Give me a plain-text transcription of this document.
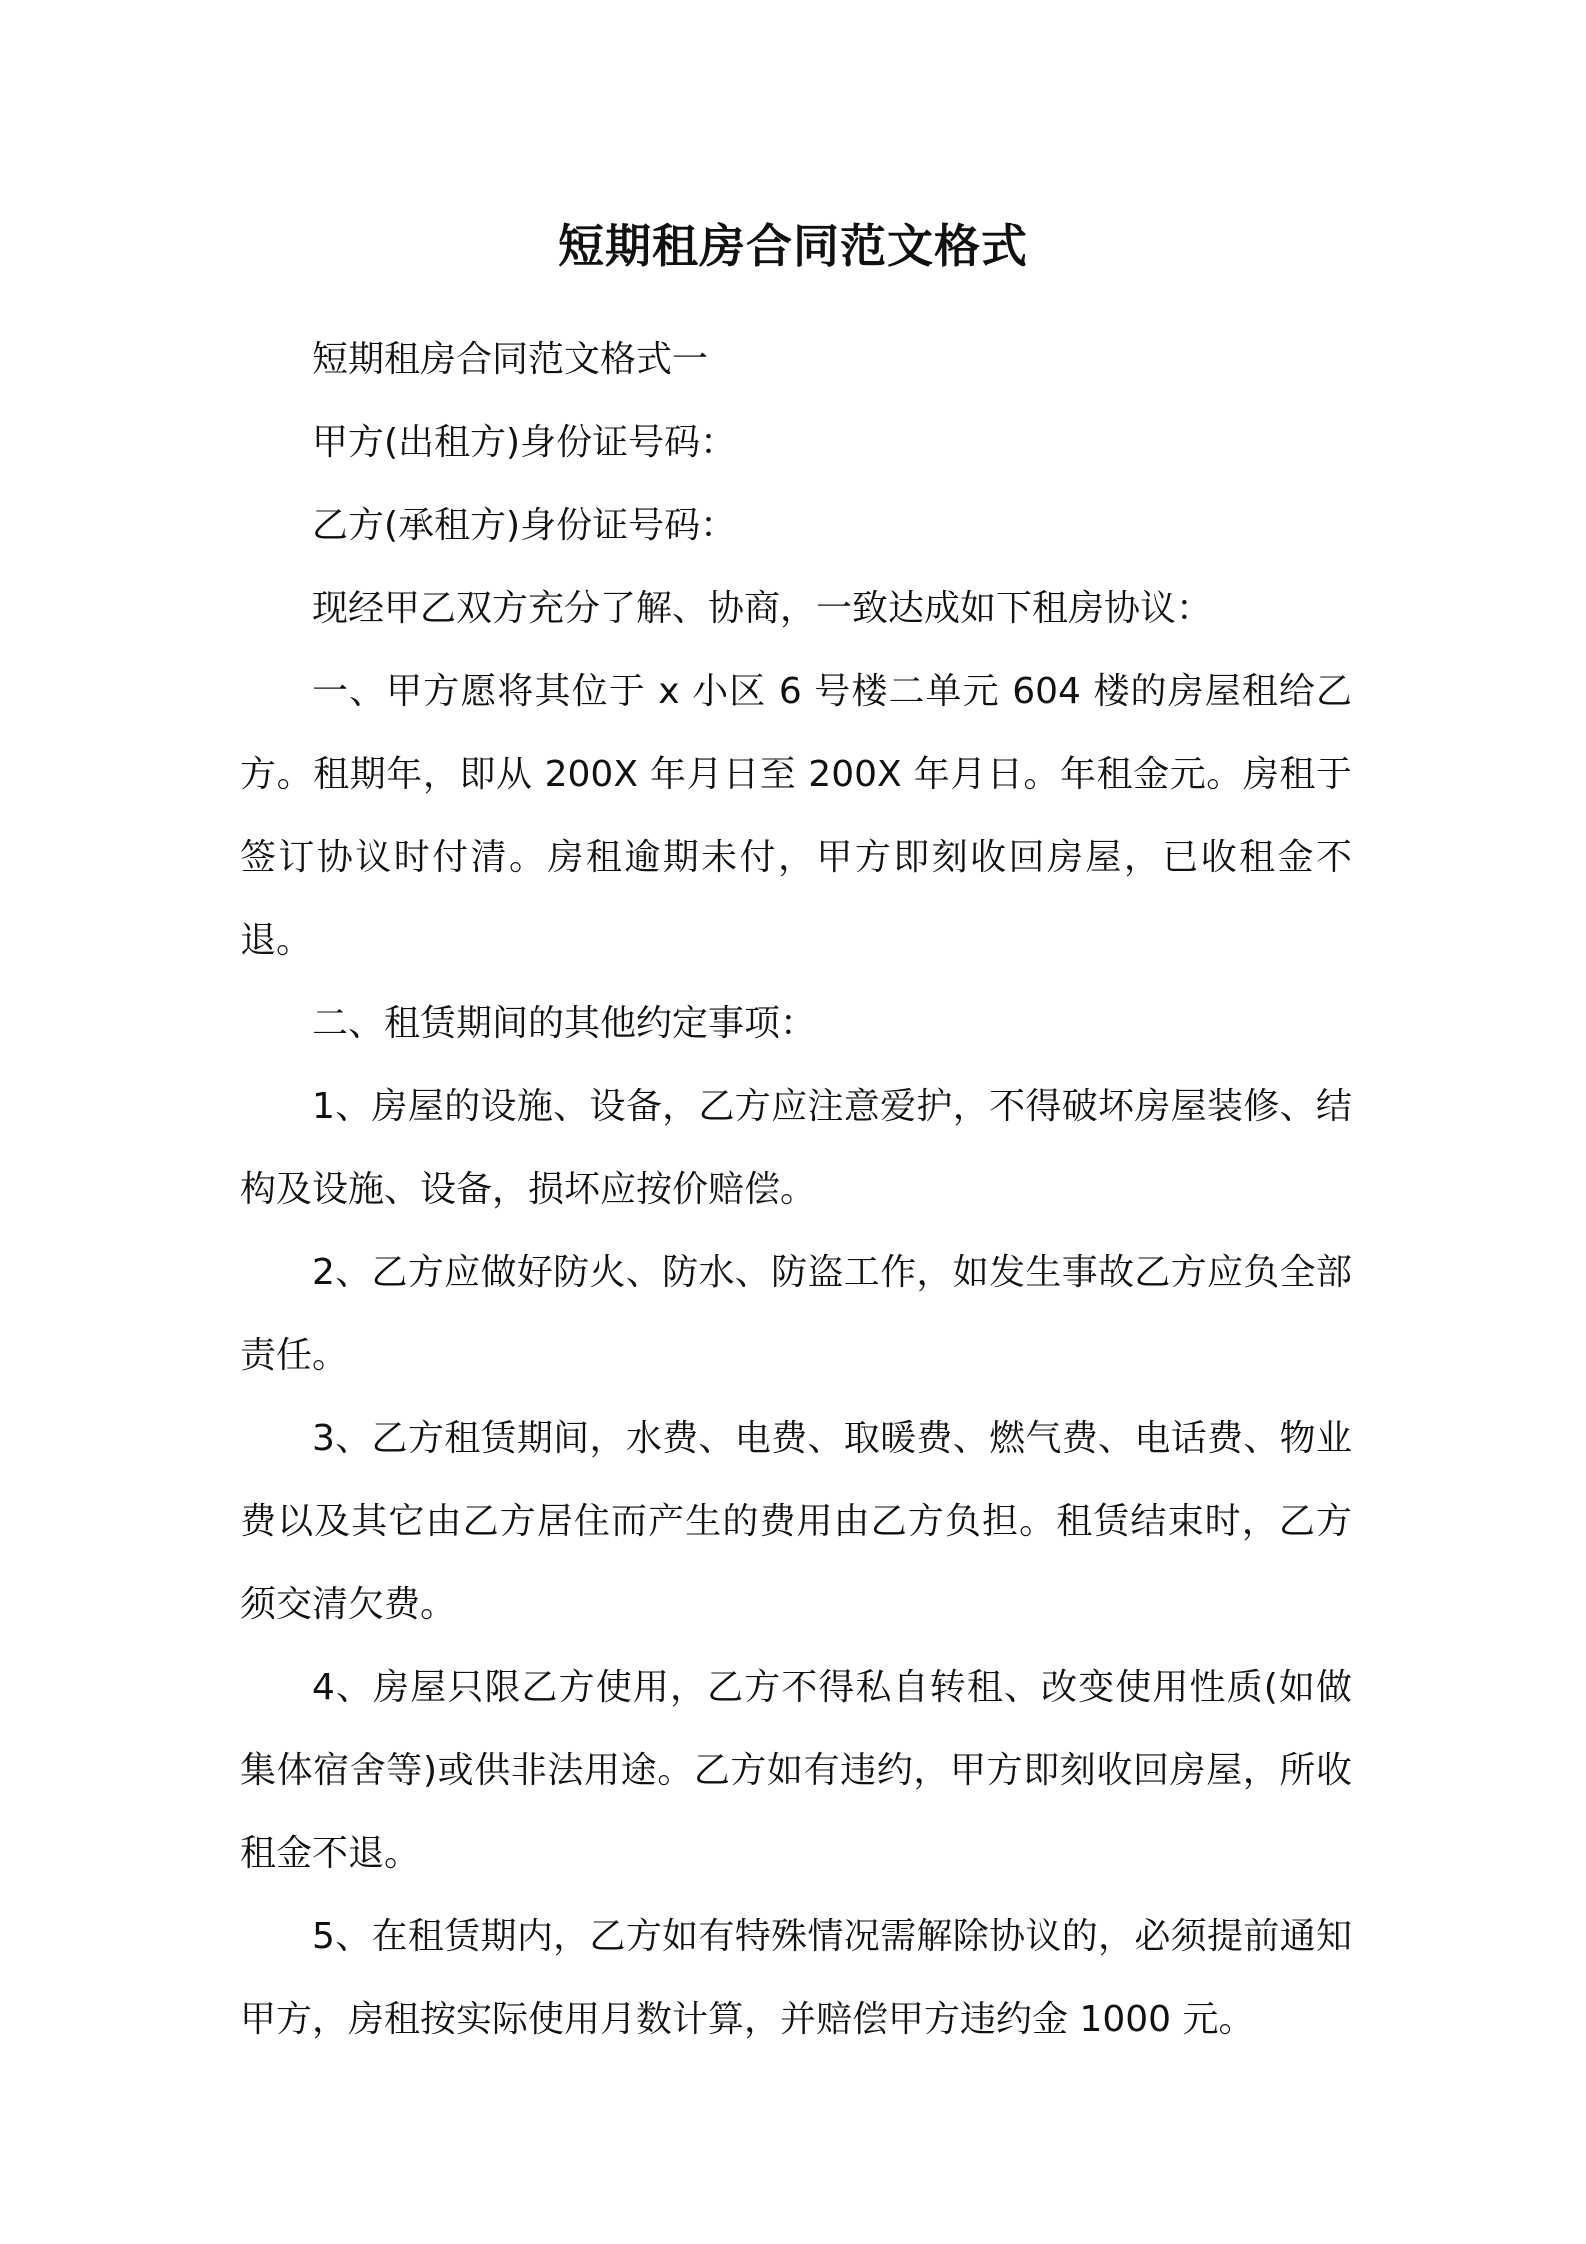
短期租房合同范文格式

短期租房合同范文格式一

甲方(出租方)身份证号码：

乙方(承租方)身份证号码：

现经甲乙双方充分了解、协商，一致达成如下租房协议：

一、甲方愿将其位于 x 小区 6 号楼二单元 604 楼的房屋租给乙方。租期年，即从 200X 年月日至 200X 年月日。年租金元。房租于签订协议时付清。房租逾期未付，甲方即刻收回房屋，已收租金不退。

二、租赁期间的其他约定事项：

1、房屋的设施、设备，乙方应注意爱护，不得破坏房屋装修、结构及设施、设备，损坏应按价赔偿。

2、乙方应做好防火、防水、防盗工作，如发生事故乙方应负全部责任。

3、乙方租赁期间，水费、电费、取暖费、燃气费、电话费、物业费以及其它由乙方居住而产生的费用由乙方负担。租赁结束时，乙方须交清欠费。

4、房屋只限乙方使用，乙方不得私自转租、改变使用性质(如做集体宿舍等)或供非法用途。乙方如有违约，甲方即刻收回房屋，所收租金不退。

5、在租赁期内，乙方如有特殊情况需解除协议的，必须提前通知甲方，房租按实际使用月数计算，并赔偿甲方违约金 1000 元。
